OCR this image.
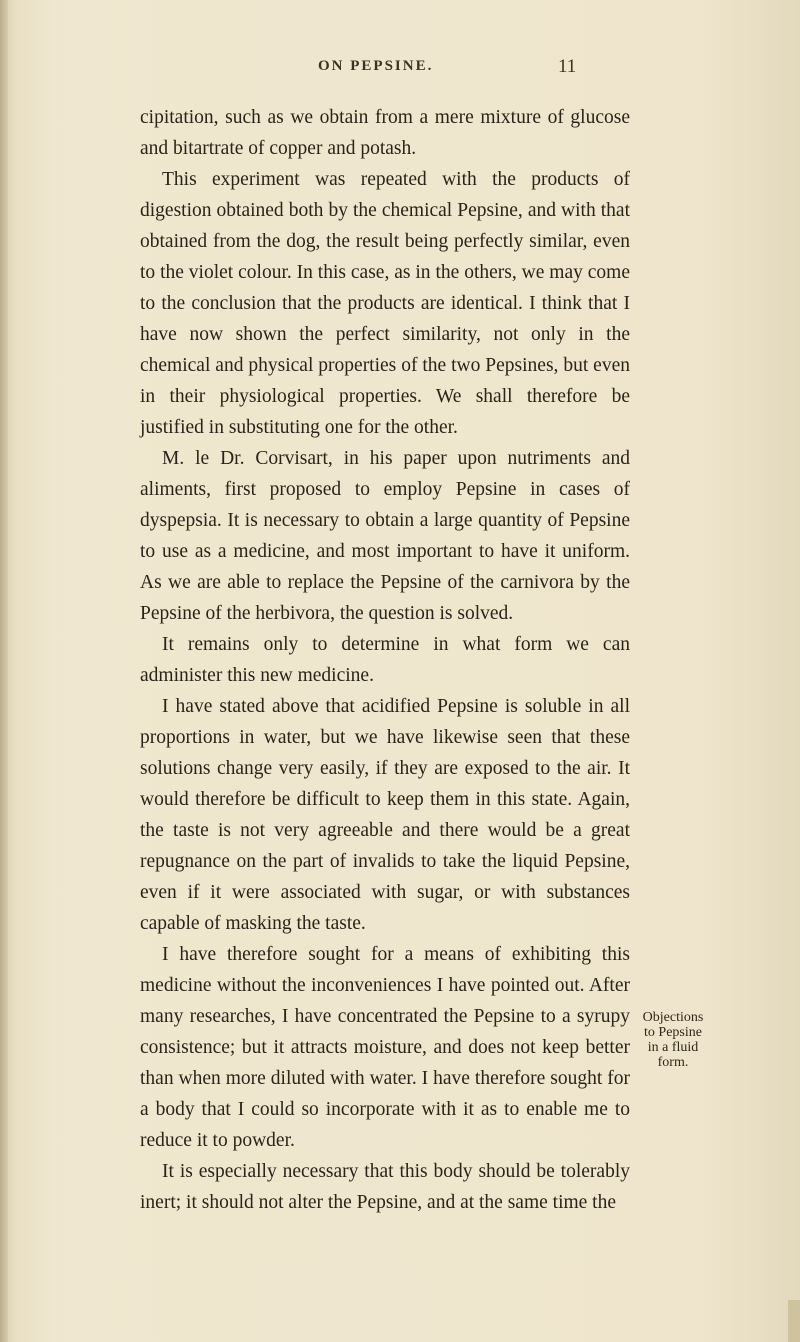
ON PEPSINE.	11

cipitation, such as we obtain from a mere mixture of glucose and bitartrate of copper and potash.

This experiment was repeated with the products of digestion obtained both by the chemical Pepsine, and with that obtained from the dog, the result being perfectly similar, even to the violet colour. In this case, as in the others, we may come to the conclusion that the products are identical. I think that I have now shown the perfect similarity, not only in the chemical and physical properties of the two Pepsines, but even in their physiological properties. We shall therefore be justified in substituting one for the other.

M. le Dr. Corvisart, in his paper upon nutriments and aliments, first proposed to employ Pepsine in cases of dyspepsia. It is necessary to obtain a large quantity of Pepsine to use as a medicine, and most important to have it uniform. As we are able to replace the Pepsine of the carnivora by the Pepsine of the herbivora, the question is solved.

It remains only to determine in what form we can administer this new medicine.

I have stated above that acidified Pepsine is soluble in all proportions in water, but we have likewise seen that these solutions change very easily, if they are exposed to the air. It would therefore be difficult to keep them in this state. Again, the taste is not very agreeable and there would be a great repugnance on the part of invalids to take the liquid Pepsine, even if it were associated with sugar, or with substances capable of masking the taste.

I have therefore sought for a means of exhibiting this medicine without the inconveniences I have pointed out. After many researches, I have concentrated the Pepsine to a syrupy consistence; but it attracts moisture, and does not keep better than when more diluted with water. I have therefore sought for a body that I could so incorporate with it as to enable me to reduce it to powder.

It is especially necessary that this body should be tolerably inert; it should not alter the Pepsine, and at the same time the

Objections to Pepsine in a fluid form.
